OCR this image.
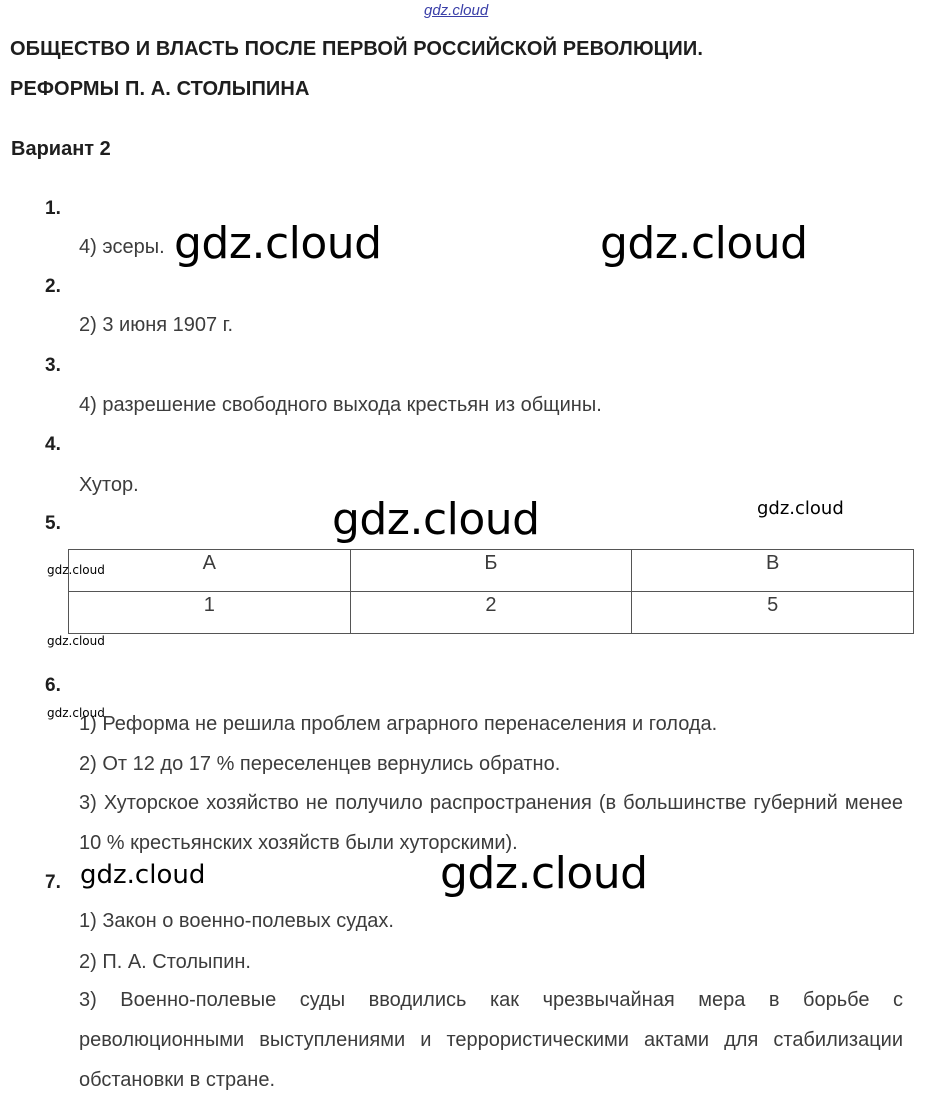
gdz.cloud
ОБЩЕСТВО И ВЛАСТЬ ПОСЛЕ ПЕРВОЙ РОССИЙСКОЙ РЕВОЛЮЦИИ.
РЕФОРМЫ П. А. СТОЛЫПИНА
Вариант 2
1.
4) эсеры.
2.
2) 3 июня 1907 г.
3.
4) разрешение свободного выхода крестьян из общины.
4.
Хутор.
5.
А	Б	В
1	2	5
6.
1) Реформа не решила проблем аграрного перенаселения и голода.
2) От 12 до 17 % переселенцев вернулись обратно.
3) Хуторское хозяйство не получило распространения (в большинстве губерний менее 10 % крестьянских хозяйств были хуторскими).
7.
1) Закон о военно-полевых судах.
2) П. А. Столыпин.
3) Военно-полевые суды вводились как чрезвычайная мера в борьбе с революционными выступлениями и террористическими актами для стабилизации обстановки в стране.
gdz.cloud	gdz.cloud
gdz.cloud	gdz.cloud
gdz.cloud
gdz.cloud
gdz.cloud
gdz.cloud	gdz.cloud
